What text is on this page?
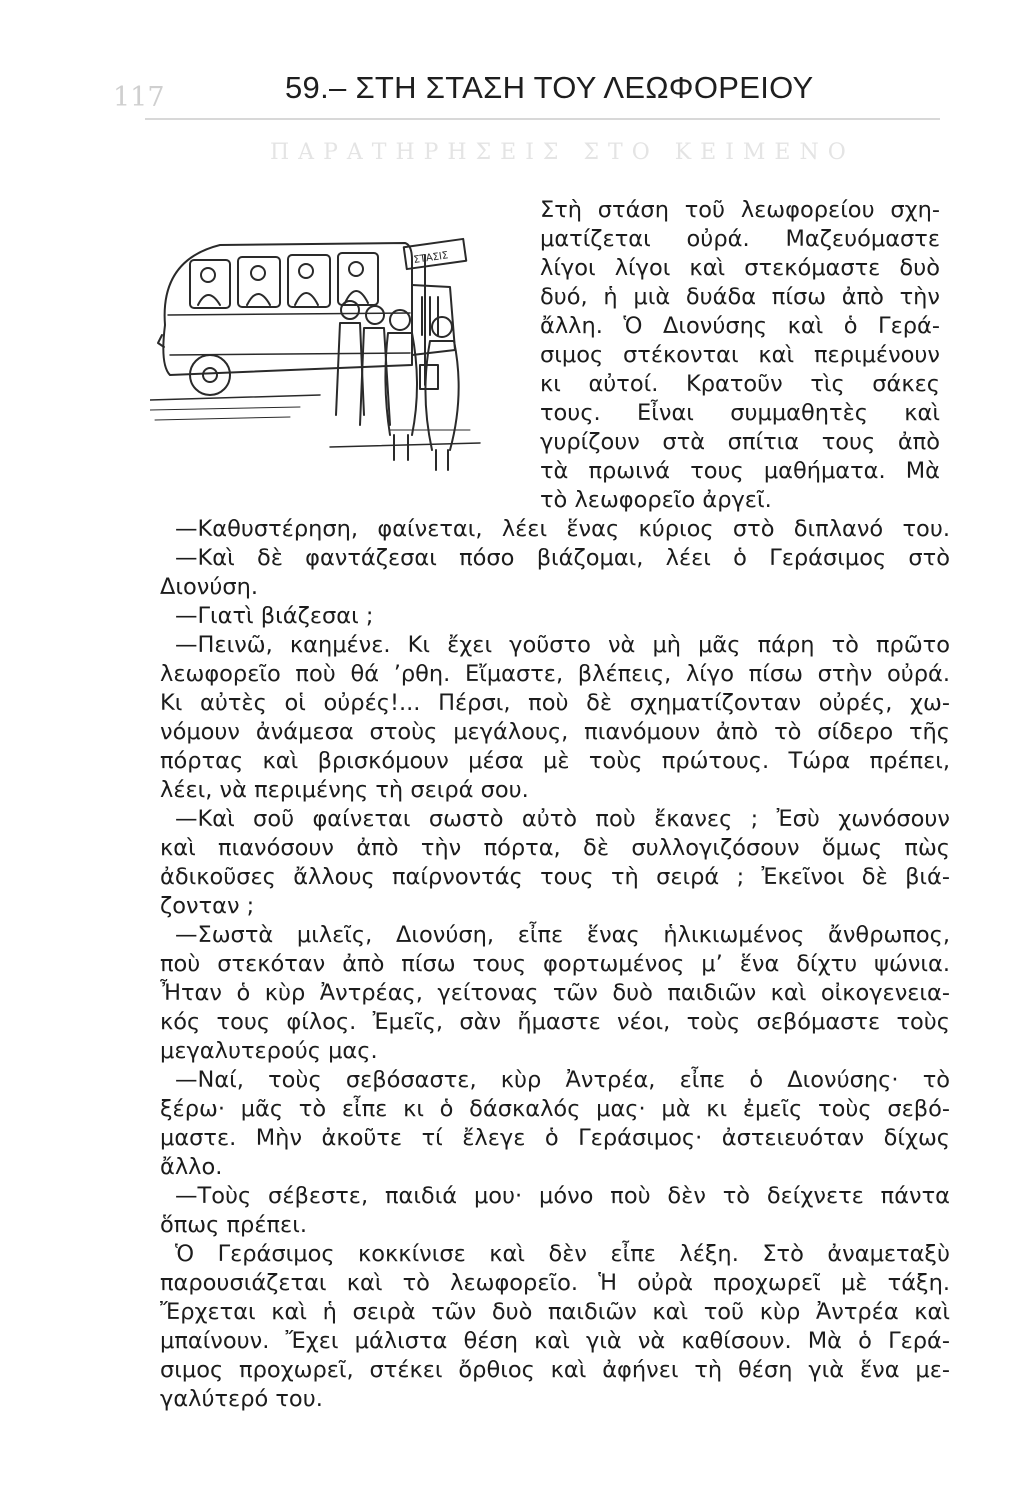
117	59.– ΣΤΗ ΣΤΑΣΗ ΤΟΥ ΛΕΩΦΟΡΕΙΟΥ
ΠΑΡΑΤΗΡΗΣΕΙΣ ΣΤΟ ΚΕΙΜΕΝΟ
ΣΤΑΣΙΣ
Στὴ στάση τοῦ λεωφορείου σχη-
ματίζεται οὐρά. Μαζευόμαστε
λίγοι λίγοι καὶ στεκόμαστε δυὸ
δυό, ἡ μιὰ δυάδα πίσω ἀπὸ τὴν
ἄλλη. Ὁ Διονύσης καὶ ὁ Γερά-
σιμος στέκονται καὶ περιμένουν
κι αὐτοί. Κρατοῦν τὶς σάκες
τους. Εἶναι συμμαθητὲς καὶ
γυρίζουν στὰ σπίτια τους ἀπὸ
τὰ πρωινά τους μαθήματα. Μὰ
τὸ λεωφορεῖο ἀργεῖ.
—Καθυστέρηση, φαίνεται, λέει ἕνας κύριος στὸ διπλανό του.
—Καὶ δὲ φαντάζεσαι πόσο βιάζομαι, λέει ὁ Γεράσιμος στὸ
Διονύση.
—Γιατὶ βιάζεσαι ;
—Πεινῶ, καημένε. Κι ἔχει γοῦστο νὰ μὴ μᾶς πάρη τὸ πρῶτο
λεωφορεῖο ποὺ θά ’ρθη. Εἴμαστε, βλέπεις, λίγο πίσω στὴν οὐρά.
Κι αὐτὲς οἱ οὐρές!... Πέρσι, ποὺ δὲ σχηματίζονταν οὐρές, χω-
νόμουν ἀνάμεσα στοὺς μεγάλους, πιανόμουν ἀπὸ τὸ σίδερο τῆς
πόρτας καὶ βρισκόμουν μέσα μὲ τοὺς πρώτους. Τώρα πρέπει,
λέει, νὰ περιμένης τὴ σειρά σου.
—Καὶ σοῦ φαίνεται σωστὸ αὐτὸ ποὺ ἔκανες ; Ἐσὺ χωνόσουν
καὶ πιανόσουν ἀπὸ τὴν πόρτα, δὲ συλλογιζόσουν ὅμως πὼς
ἀδικοῦσες ἄλλους παίρνοντάς τους τὴ σειρά ; Ἐκεῖνοι δὲ βιά-
ζονταν ;
—Σωστὰ μιλεῖς, Διονύση, εἶπε ἕνας ἡλικιωμένος ἄνθρωπος,
ποὺ στεκόταν ἀπὸ πίσω τους φορτωμένος μ’ ἕνα δίχτυ ψώνια.
Ἦταν ὁ κὺρ Ἀντρέας, γείτονας τῶν δυὸ παιδιῶν καὶ οἰκογενεια-
κός τους φίλος. Ἐμεῖς, σὰν ἤμαστε νέοι, τοὺς σεβόμαστε τοὺς
μεγαλυτερούς μας.
—Ναί, τοὺς σεβόσαστε, κὺρ Ἀντρέα, εἶπε ὁ Διονύσης· τὸ
ξέρω· μᾶς τὸ εἶπε κι ὁ δάσκαλός μας· μὰ κι ἐμεῖς τοὺς σεβό-
μαστε. Μὴν ἀκοῦτε τί ἔλεγε ὁ Γεράσιμος· ἀστειευόταν δίχως
ἄλλο.
—Τοὺς σέβεστε, παιδιά μου· μόνο ποὺ δὲν τὸ δείχνετε πάντα
ὅπως πρέπει.
Ὁ Γεράσιμος κοκκίνισε καὶ δὲν εἶπε λέξη. Στὸ ἀναμεταξὺ
παρουσιάζεται καὶ τὸ λεωφορεῖο. Ἡ οὐρὰ προχωρεῖ μὲ τάξη.
Ἔρχεται καὶ ἡ σειρὰ τῶν δυὸ παιδιῶν καὶ τοῦ κὺρ Ἀντρέα καὶ
μπαίνουν. Ἔχει μάλιστα θέση καὶ γιὰ νὰ καθίσουν. Μὰ ὁ Γερά-
σιμος προχωρεῖ, στέκει ὄρθιος καὶ ἀφήνει τὴ θέση γιὰ ἕνα με-
γαλύτερό του.
